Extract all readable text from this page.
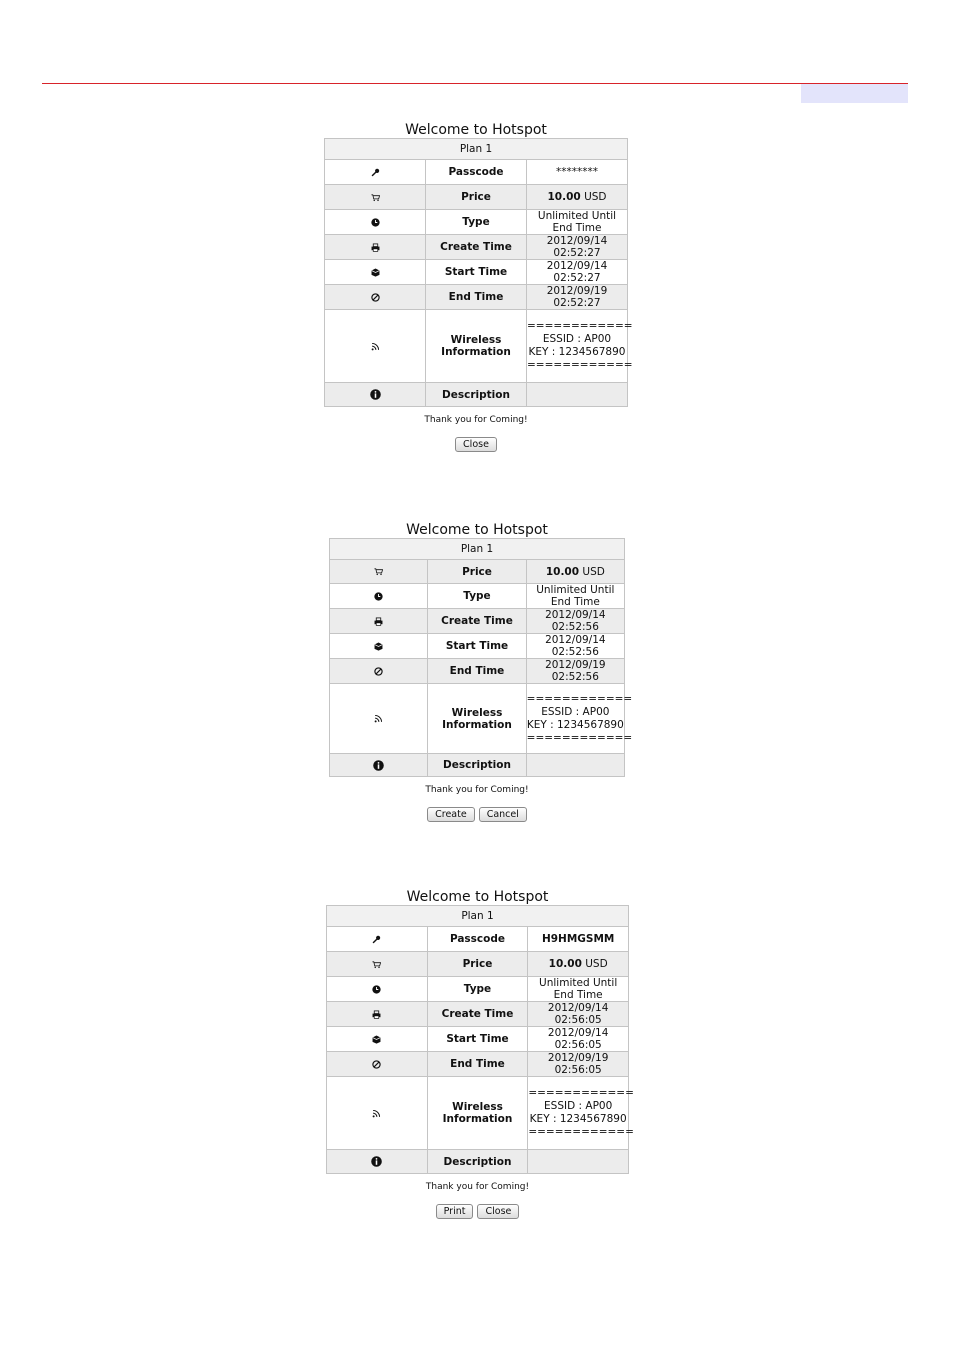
Welcome to Hotspot
Plan 1		
	Passcode	********
	Price	10.00 USD
	Type	Unlimited Until End Time
	Create Time	2012/09/14 02:52:27
	Start Time	2012/09/14 02:52:27
	End Time	2012/09/19 02:52:27
	Wireless Information	============
ESSID : AP00
KEY : 1234567890
============

	Description	
Thank you for Coming!
Close
Welcome to Hotspot
Plan 1		
	Price	10.00 USD
	Type	Unlimited Until End Time
	Create Time	2012/09/14 02:52:56
	Start Time	2012/09/14 02:52:56
	End Time	2012/09/19 02:52:56
	Wireless Information	============
ESSID : AP00
KEY : 1234567890
============

	Description	
Thank you for Coming!
Create Cancel
Welcome to Hotspot
Plan 1		
	Passcode	H9HMGSMM
	Price	10.00 USD
	Type	Unlimited Until End Time
	Create Time	2012/09/14 02:56:05
	Start Time	2012/09/14 02:56:05
	End Time	2012/09/19 02:56:05
	Wireless Information	============
ESSID : AP00
KEY : 1234567890
============

	Description	
Thank you for Coming!
Print Close
